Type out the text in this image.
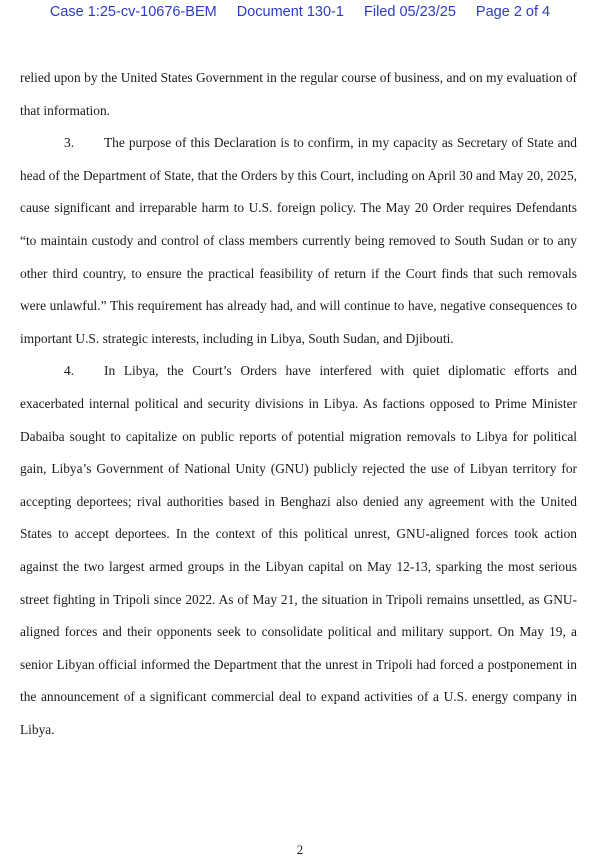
Case 1:25-cv-10676-BEM Document 130-1 Filed 05/23/25 Page 2 of 4

relied upon by the United States Government in the regular course of business, and on my evaluation of that information.

3. The purpose of this Declaration is to confirm, in my capacity as Secretary of State and head of the Department of State, that the Orders by this Court, including on April 30 and May 20, 2025, cause significant and irreparable harm to U.S. foreign policy. The May 20 Order requires Defendants “to maintain custody and control of class members currently being removed to South Sudan or to any other third country, to ensure the practical feasibility of return if the Court finds that such removals were unlawful.” This requirement has already had, and will continue to have, negative consequences to important U.S. strategic interests, including in Libya, South Sudan, and Djibouti.

4. In Libya, the Court’s Orders have interfered with quiet diplomatic efforts and exacerbated internal political and security divisions in Libya. As factions opposed to Prime Minister Dabaiba sought to capitalize on public reports of potential migration removals to Libya for political gain, Libya’s Government of National Unity (GNU) publicly rejected the use of Libyan territory for accepting deportees; rival authorities based in Benghazi also denied any agreement with the United States to accept deportees. In the context of this political unrest, GNU-aligned forces took action against the two largest armed groups in the Libyan capital on May 12-13, sparking the most serious street fighting in Tripoli since 2022. As of May 21, the situation in Tripoli remains unsettled, as GNU-aligned forces and their opponents seek to consolidate political and military support. On May 19, a senior Libyan official informed the Department that the unrest in Tripoli had forced a postponement in the announcement of a significant commercial deal to expand activities of a U.S. energy company in Libya.

2
